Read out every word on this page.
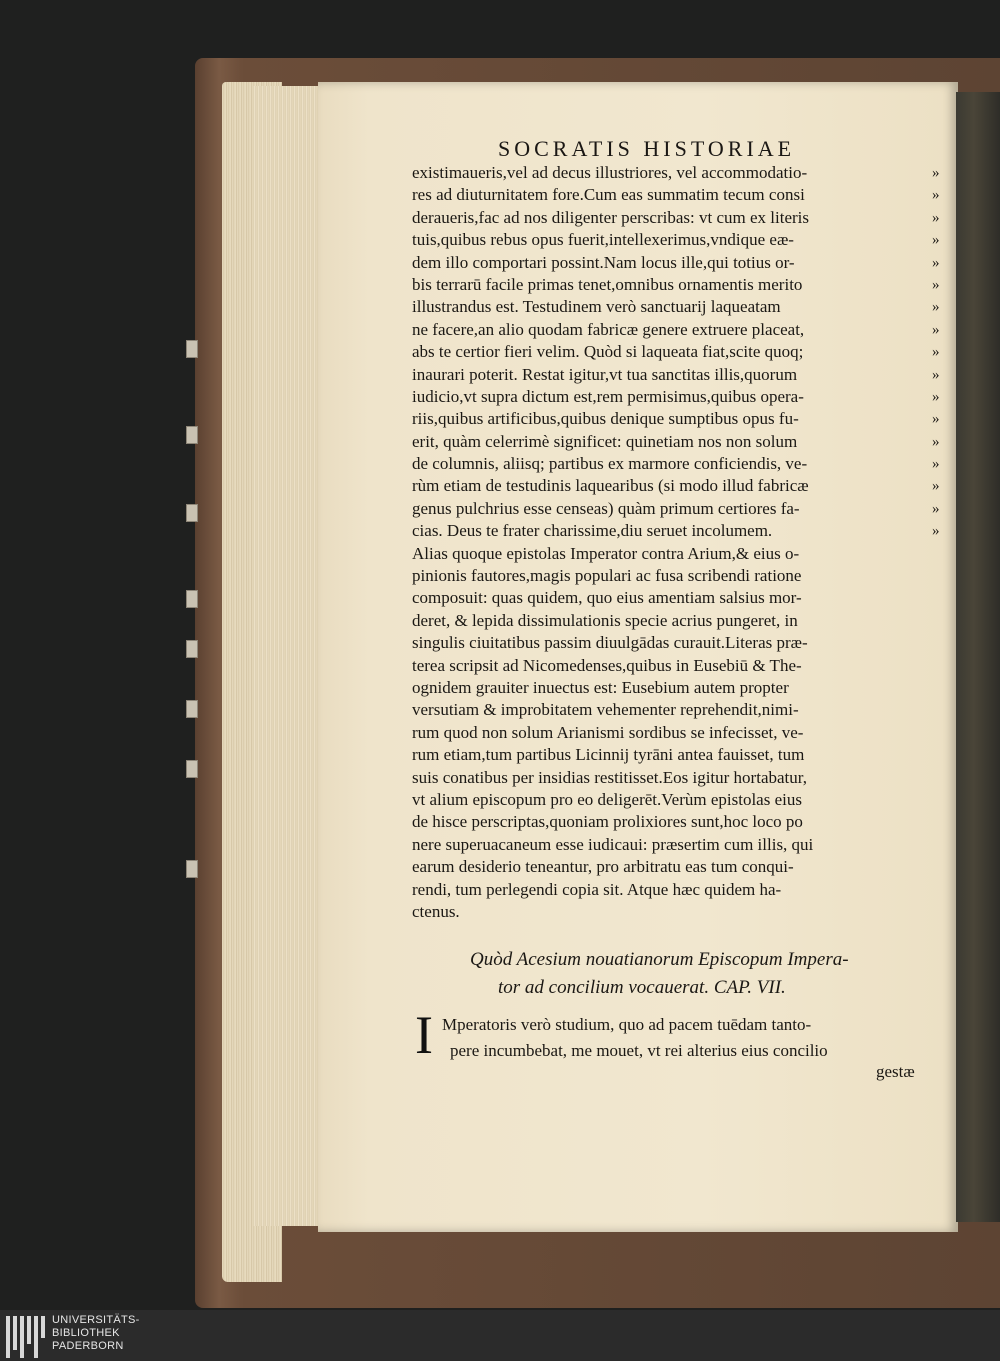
SOCRATIS HISTORIAE
existimaueris,vel ad decus illustriores, vel accommodatio-	»
res ad diuturnitatem fore.Cum eas summatim tecum consi	»
deraueris,fac ad nos diligenter perscribas: vt cum ex literis	»
tuis,quibus rebus opus fuerit,intellexerimus,vndique eæ-	»
dem illo comportari possint.Nam locus ille,qui totius or-	»
bis terrarū facile primas tenet,omnibus ornamentis merito	»
illustrandus est. Testudinem verò sanctuarij laqueatam	»
ne facere,an alio quodam fabricæ genere extruere placeat,	»
abs te certior fieri velim. Quòd si laqueata fiat,scite quoq;	»
inaurari poterit. Restat igitur,vt tua sanctitas illis,quorum	»
iudicio,vt supra dictum est,rem permisimus,quibus opera-	»
riis,quibus artificibus,quibus denique sumptibus opus fu-	»
erit, quàm celerrimè significet: quinetiam nos non solum	»
de columnis, aliisq; partibus ex marmore conficiendis, ve-	»
rùm etiam de testudinis laquearibus (si modo illud fabricæ	»
genus pulchrius esse censeas) quàm primum certiores fa-	»
cias. Deus te frater charissime,diu seruet incolumem.	»
Alias quoque epistolas Imperator contra Arium,& eius o-
pinionis fautores,magis populari ac fusa scribendi ratione
composuit: quas quidem, quo eius amentiam salsius mor-
deret, & lepida dissimulationis specie acrius pungeret, in
singulis ciuitatibus passim diuulgādas curauit.Literas præ-
terea scripsit ad Nicomedenses,quibus in Eusebiū & The-
ognidem grauiter inuectus est: Eusebium autem propter
versutiam & improbitatem vehementer reprehendit,nimi-
rum quod non solum Arianismi sordibus se infecisset, ve-
rum etiam,tum partibus Licinnij tyrāni antea fauisset, tum
suis conatibus per insidias restitisset.Eos igitur hortabatur,
vt alium episcopum pro eo deligerēt.Verùm epistolas eius
de hisce perscriptas,quoniam prolixiores sunt,hoc loco po
nere superuacaneum esse iudicaui: præsertim cum illis, qui
earum desiderio teneantur, pro arbitratu eas tum conqui-
rendi, tum perlegendi copia sit. Atque hæc quidem ha-
ctenus.
Quòd Acesium nouatianorum Episcopum Impera-
tor ad concilium vocauerat. CAP. VII.
I Mperatoris verò studium, quo ad pacem tuēdam tanto-
pere incumbebat, me mouet, vt rei alterius eius concilio
gestæ
UNIVERSITÄTS-
BIBLIOTHEK
PADERBORN
